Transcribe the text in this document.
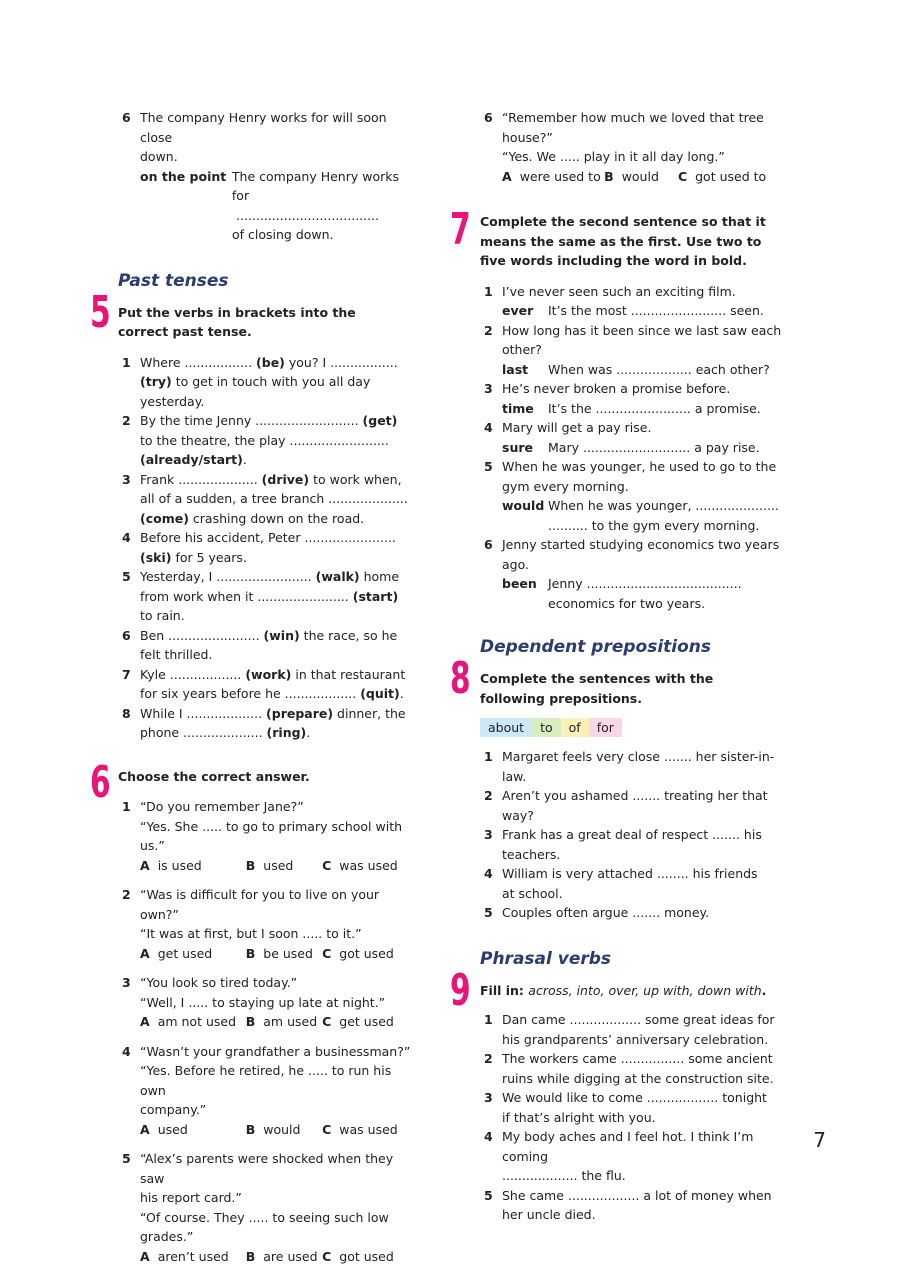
6 The company Henry works for will soon close
down.
on the point The company Henry works for
....................................
of closing down.
Past tenses
5 Put the verbs in brackets into the correct past tense.
1 Where ................. (be) you? I .................
(try) to get in touch with you all day yesterday.
2 By the time Jenny .......................... (get)
to the theatre, the play .........................
(already/start).
3 Frank .................... (drive) to work when,
all of a sudden, a tree branch ....................
(come) crashing down on the road.
4 Before his accident, Peter .......................
(ski) for 5 years.
5 Yesterday, I ........................ (walk) home
from work when it ....................... (start)
to rain.
6 Ben ....................... (win) the race, so he
felt thrilled.
7 Kyle .................. (work) in that restaurant
for six years before he .................. (quit).
8 While I ................... (prepare) dinner, the
phone .................... (ring).
6 Choose the correct answer.
1 “Do you remember Jane?”
“Yes. She ..... to go to primary school with
us.”
A is used	B used	C was used
2 “Was is difficult for you to live on your own?”
“It was at first, but I soon ..... to it.”
A get used	B be used C got used
3 “You look so tired today.”
“Well, I ..... to staying up late at night.”
A am not used B am used C get used
4 “Wasn’t your grandfather a businessman?”
“Yes. Before he retired, he ..... to run his own
company.”
A used	B would	C was used
5 “Alex’s parents were shocked when they saw
his report card.”
“Of course. They ..... to seeing such low grades.”
A aren’t used	B are used C got used
6 “Remember how much we loved that tree
house?”
“Yes. We ..... play in it all day long.”
A were used to B would	C got used to
7 Complete the second sentence so that it means the same as the first. Use two to five words including the word in bold.
1 I’ve never seen such an exciting film.
ever	It’s the most ........................ seen.
2 How long has it been since we last saw each other?
last	When was ................... each other?
3 He’s never broken a promise before.
time	It’s the ........................ a promise.
4 Mary will get a pay rise.
sure	Mary ........................... a pay rise.
5 When he was younger, he used to go to the gym every morning.
would When he was younger, .....................
.......... to the gym every morning.
6 Jenny started studying economics two years ago.
been Jenny .......................................
economics for two years.
Dependent prepositions
8 Complete the sentences with the following prepositions.
about to of for
1 Margaret feels very close ....... her sister-in-law.
2 Aren’t you ashamed ....... treating her that way?
3 Frank has a great deal of respect ....... his
teachers.
4 William is very attached ........ his friends
at school.
5 Couples often argue ....... money.
Phrasal verbs
9 Fill in: across, into, over, up with, down with.
1 Dan came .................. some great ideas for
his grandparents’ anniversary celebration.
2 The workers came ................ some ancient
ruins while digging at the construction site.
3 We would like to come .................. tonight
if that’s alright with you.
4 My body aches and I feel hot. I think I’m coming
................... the flu.
5 She came .................. a lot of money when
her uncle died.
7
